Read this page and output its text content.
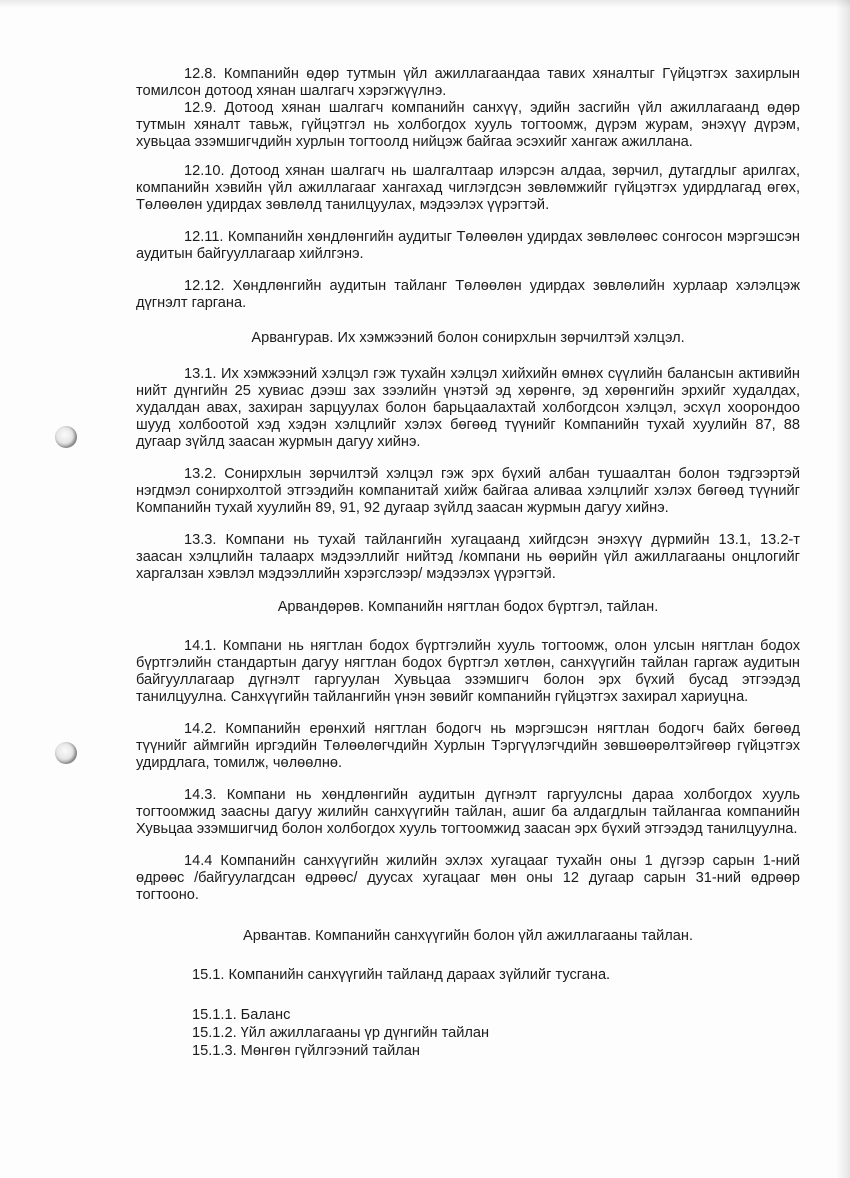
12.8. Компанийн өдөр тутмын үйл ажиллагаандаа тавих хяналтыг Гүйцэтгэх захирлын томилсон дотоод хянан шалгагч хэрэгжүүлнэ.

12.9. Дотоод хянан шалгагч компанийн санхүү, эдийн засгийн үйл ажиллагаанд өдөр тутмын хяналт тавьж, гүйцэтгэл нь холбогдох хууль тогтоомж, дүрэм журам, энэхүү дүрэм, хувьцаа эзэмшигчдийн хурлын тогтоолд нийцэж байгаа эсэхийг хангаж ажиллана.

12.10. Дотоод хянан шалгагч нь шалгалтаар илэрсэн алдаа, зөрчил, дутагдлыг арилгах, компанийн хэвийн үйл ажиллагааг хангахад чиглэгдсэн зөвлөмжийг гүйцэтгэх удирдлагад өгөх, Төлөөлөн удирдах зөвлөлд танилцуулах, мэдээлэх үүрэгтэй.

12.11. Компанийн хөндлөнгийн аудитыг Төлөөлөн удирдах зөвлөлөөс сонгосон мэргэшсэн аудитын байгууллагаар хийлгэнэ.

12.12. Хөндлөнгийн аудитын тайланг Төлөөлөн удирдах зөвлөлийн хурлаар хэлэлцэж дүгнэлт гаргана.

Арвангурав. Их хэмжээний болон сонирхлын зөрчилтэй хэлцэл.

13.1. Их хэмжээний хэлцэл гэж тухайн хэлцэл хийхийн өмнөх сүүлийн балансын активийн нийт дүнгийн 25 хувиас дээш зах зээлийн үнэтэй эд хөрөнгө, эд хөрөнгийн эрхийг худалдах, худалдан авах, захиран зарцуулах болон барьцаалахтай холбогдсон хэлцэл, эсхүл хоорондоо шууд холбоотой хэд хэдэн хэлцлийг хэлэх бөгөөд түүнийг Компанийн тухай хуулийн 87, 88 дугаар зүйлд заасан журмын дагуу хийнэ.

13.2. Сонирхлын зөрчилтэй хэлцэл гэж эрх бүхий албан тушаалтан болон тэдгээртэй нэгдмэл сонирхолтой этгээдийн компанитай хийж байгаа аливаа хэлцлийг хэлэх бөгөөд түүнийг Компанийн тухай хуулийн 89, 91, 92 дугаар зүйлд заасан журмын дагуу хийнэ.

13.3. Компани нь тухай тайлангийн хугацаанд хийгдсэн энэхүү дүрмийн 13.1, 13.2-т заасан хэлцлийн талаарх мэдээллийг нийтэд /компани нь өөрийн үйл ажиллагааны онцлогийг харгалзан хэвлэл мэдээллийн хэрэгслээр/ мэдээлэх үүрэгтэй.

Арвандөрөв. Компанийн нягтлан бодох бүртгэл, тайлан.

14.1. Компани нь нягтлан бодох бүртгэлийн хууль тогтоомж, олон улсын нягтлан бодох бүртгэлийн стандартын дагуу нягтлан бодох бүртгэл хөтлөн, санхүүгийн тайлан гаргаж аудитын байгууллагаар дүгнэлт гаргуулан Хувьцаа эзэмшигч болон эрх бүхий бусад этгээдэд танилцуулна. Санхүүгийн тайлангийн үнэн зөвийг компанийн гүйцэтгэх захирал хариуцна.

14.2. Компанийн ерөнхий нягтлан бодогч нь мэргэшсэн нягтлан бодогч байх бөгөөд түүнийг аймгийн иргэдийн Төлөөлөгчдийн Хурлын Тэргүүлэгчдийн зөвшөөрөлтэйгөөр гүйцэтгэх удирдлага, томилж, чөлөөлнө.

14.3. Компани нь хөндлөнгийн аудитын дүгнэлт гаргуулсны дараа холбогдох хууль тогтоомжид заасны дагуу жилийн санхүүгийн тайлан, ашиг ба алдагдлын тайлангаа компанийн Хувьцаа эзэмшигчид болон холбогдох хууль тогтоомжид заасан эрх бүхий этгээдэд танилцуулна.

14.4 Компанийн санхүүгийн жилийн эхлэх хугацааг тухайн оны 1 дүгээр сарын 1-ний өдрөөс /байгуулагдсан өдрөөс/ дуусах хугацааг мөн оны 12 дугаар сарын 31-ний өдрөөр тогтооно.

Арвантав. Компанийн санхүүгийн болон үйл ажиллагааны тайлан.

15.1. Компанийн санхүүгийн тайланд дараах зүйлийг тусгана.

15.1.1. Баланс

15.1.2. Үйл ажиллагааны үр дүнгийн тайлан

15.1.3. Мөнгөн гүйлгээний тайлан
